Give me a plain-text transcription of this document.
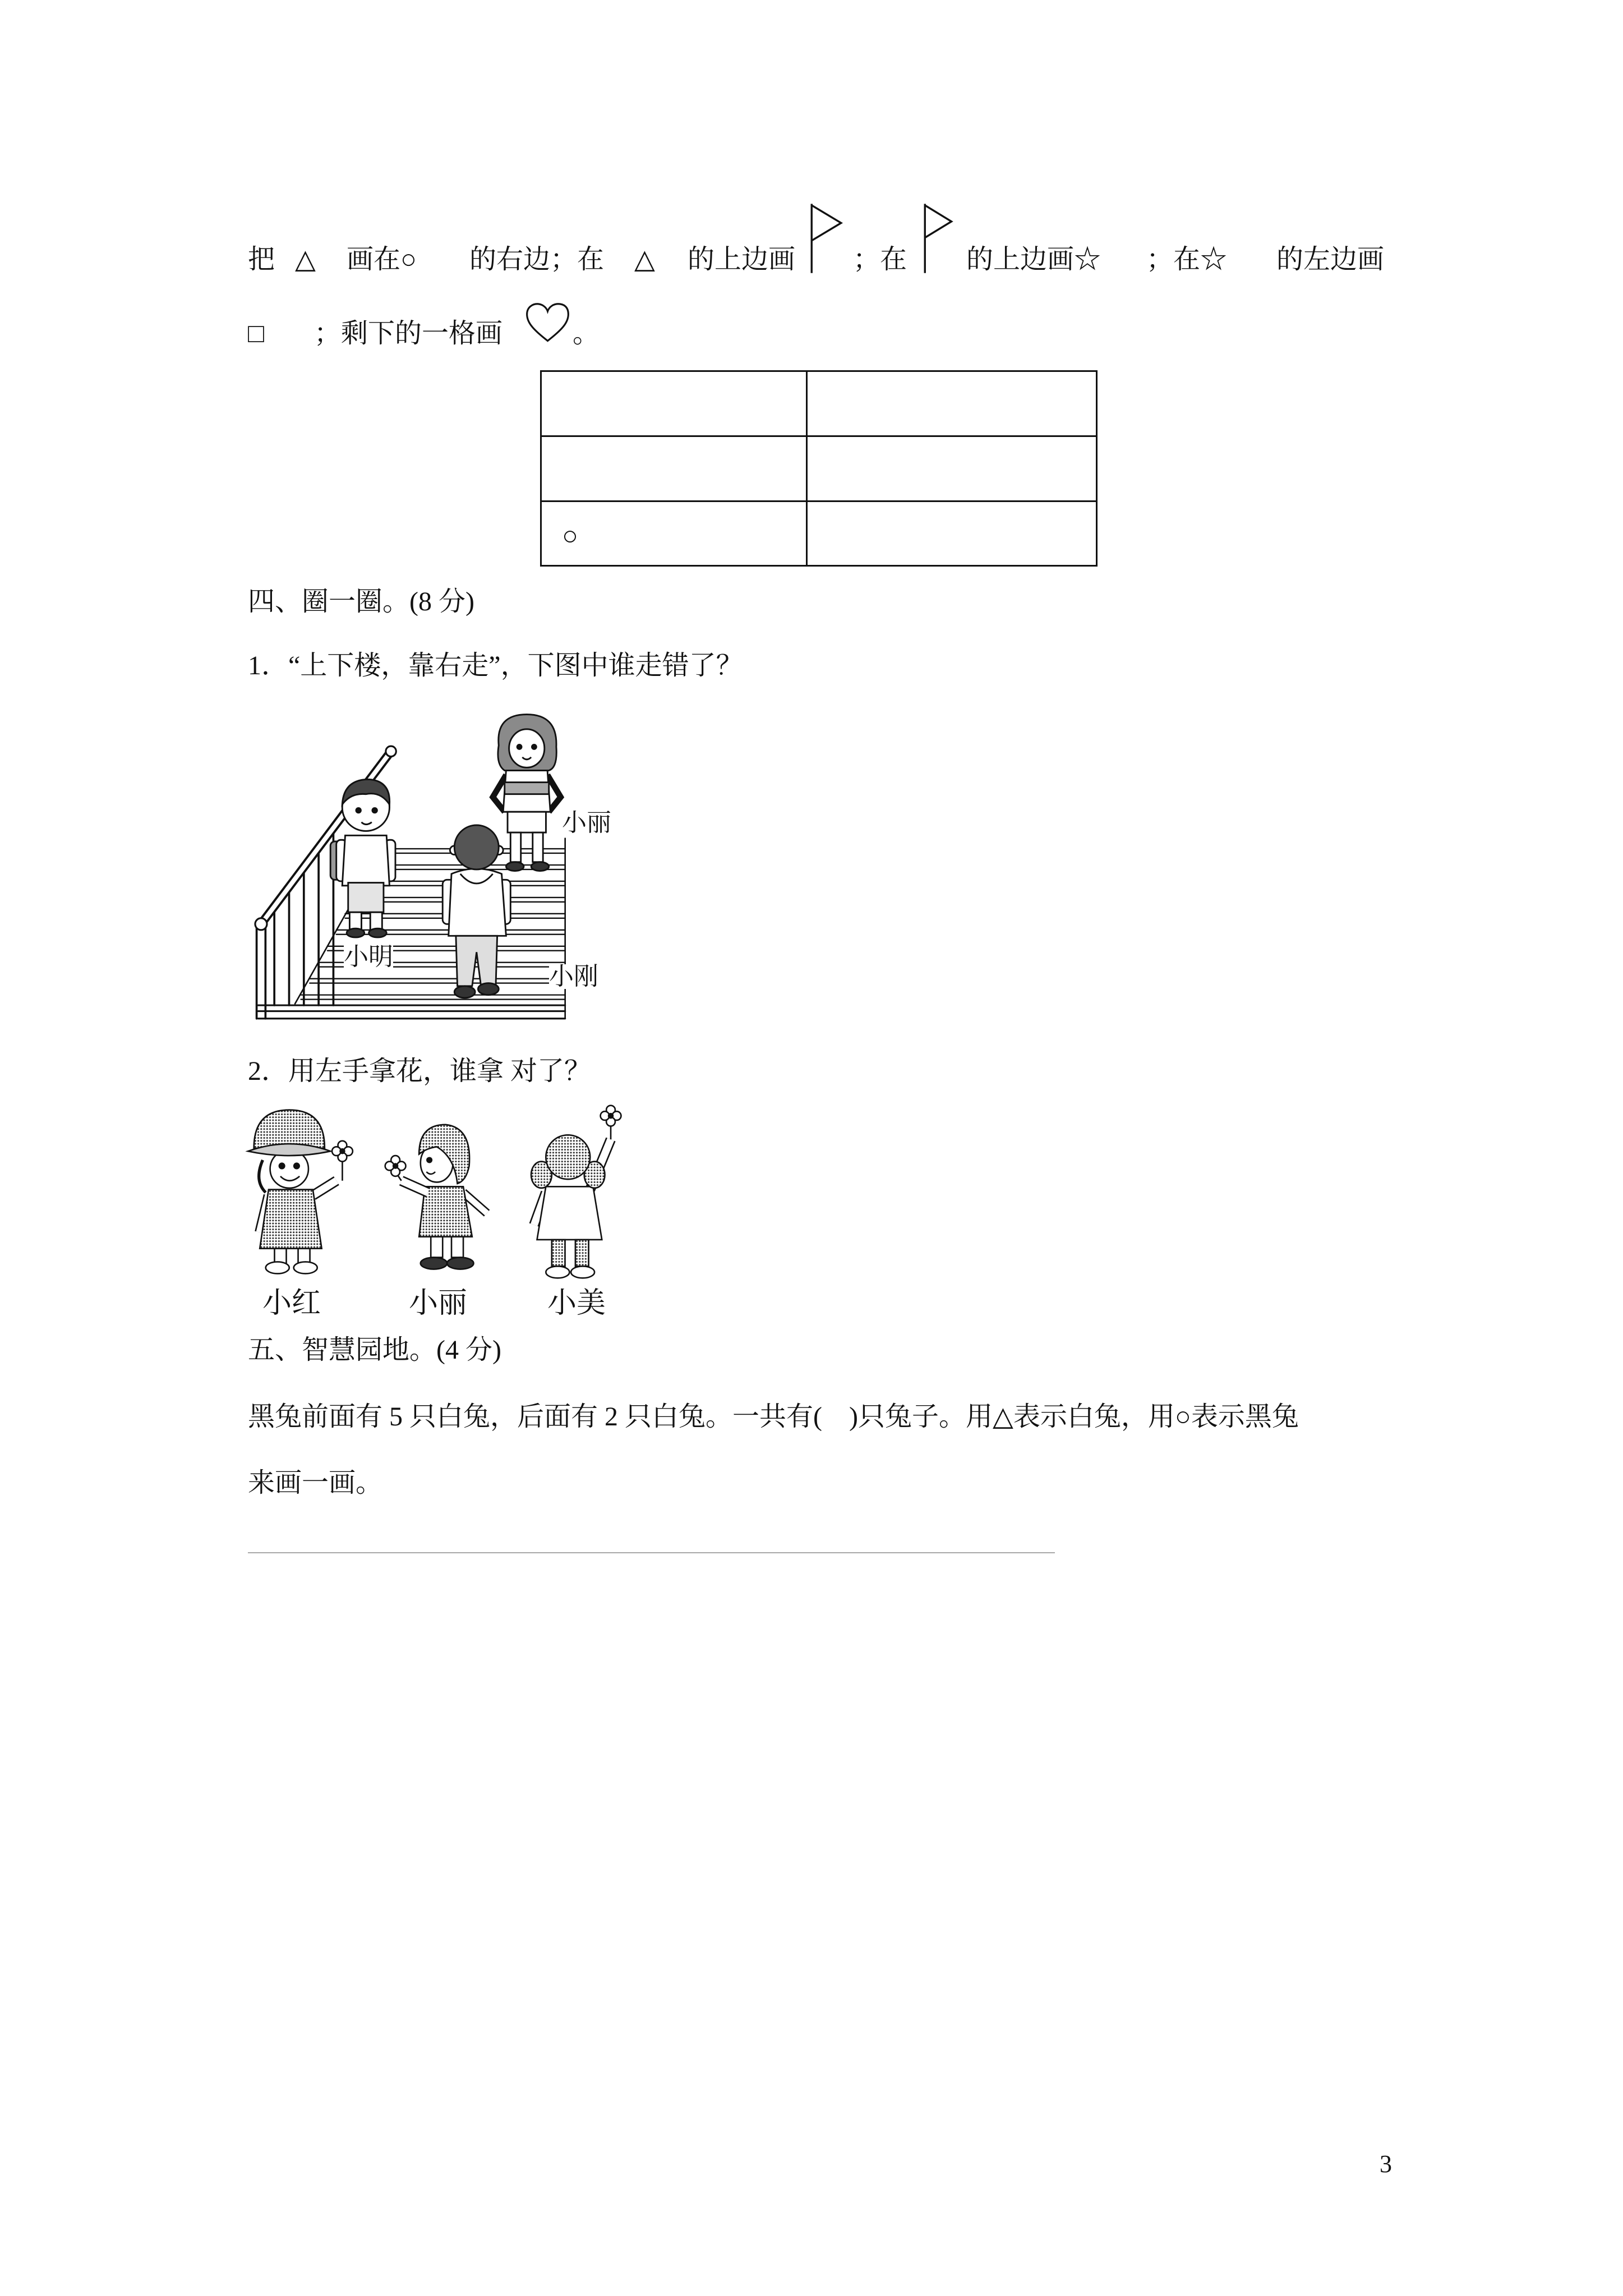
把 △ 画在○ 的右边；在 △ 的上边画 ；在 的上边画☆ ；在☆ 的左边画
□ ；剩下的一格画	。
○
四、圈一圈。(8 分)
1．“上下楼，靠右走”，下图中谁走错了？
小丽
小明
小刚
2．用左手拿花，谁拿 对了？
小红	小丽	小美
五、智慧园地。(4 分)
黑兔前面有 5 只白兔，后面有 2 只白兔。一共有(    )只兔子。用△表示白兔，用○表示黑兔
来画一画。
3
